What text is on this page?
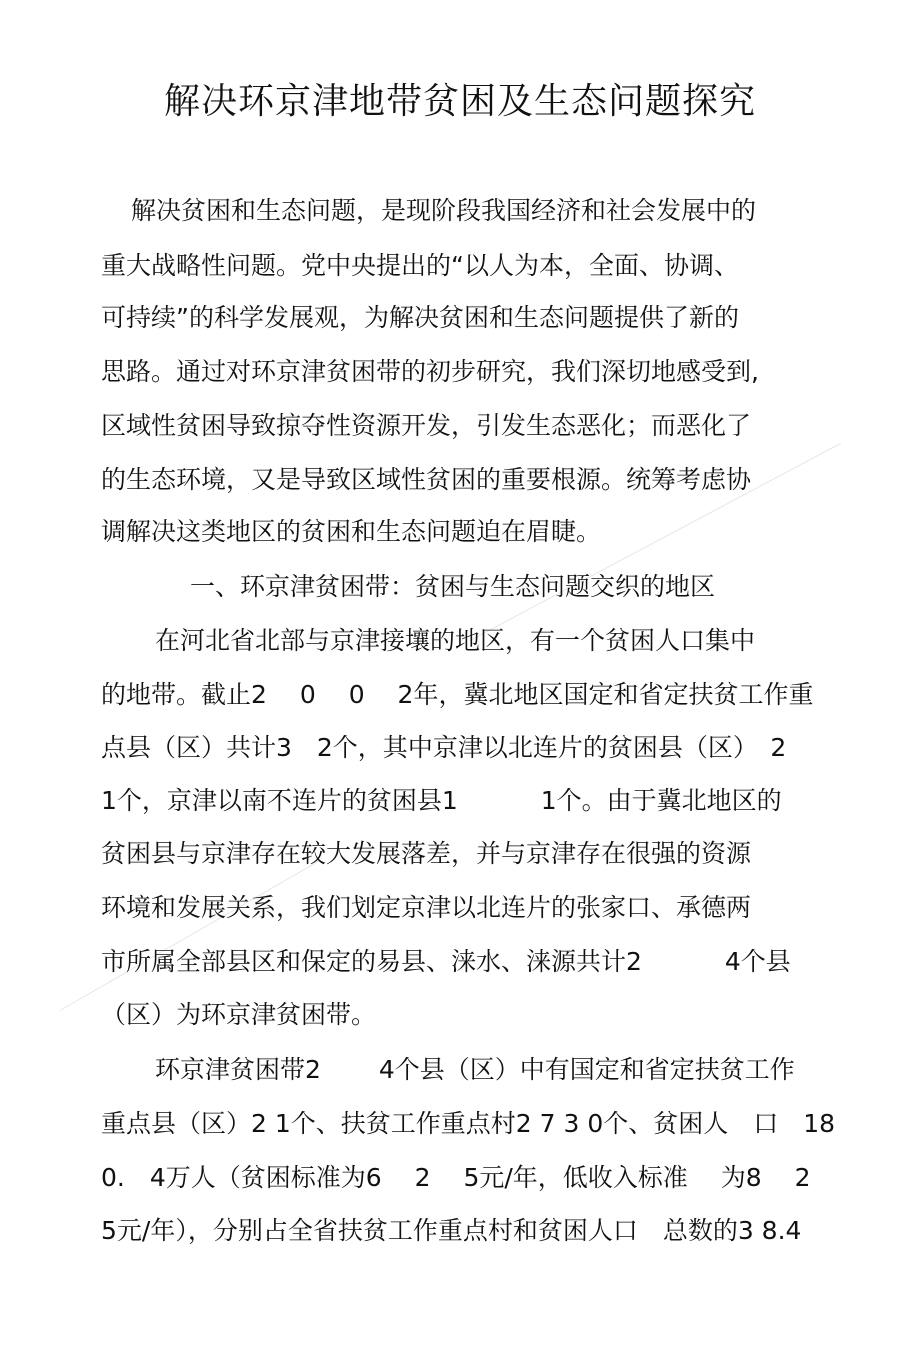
解决环京津地带贫困及生态问题探究
解决贫困和生态问题，是现阶段我国经济和社会发展中的
重大战略性问题。党中央提出的“以人为本，全面、协调、
可持续”的科学发展观，为解决贫困和生态问题提供了新的
思路。通过对环京津贫困带的初步研究，我们深切地感受到,
区域性贫困导致掠夺性资源开发，引发生态恶化；而恶化了
的生态环境，又是导致区域性贫困的重要根源。统筹考虑协
调解决这类地区的贫困和生态问题迫在眉睫。
一、环京津贫困带：贫困与生态问题交织的地区
在河北省北部与京津接壤的地区，有一个贫困人口集中
的地带。截止2　 0　 0　 2年，冀北地区国定和省定扶贫工作重
点县（区）共计3　2个，其中京津以北连片的贫困县（区）　2
1个，京津以南不连片的贫困县1　　　 1个。由于冀北地区的
贫困县与京津存在较大发展落差，并与京津存在很强的资源
环境和发展关系，我们划定京津以北连片的张家口、承德两
市所属全部县区和保定的易县、涞水、涞源共计2　　　 4个县
（区）为环京津贫困带。
环京津贫困带2　　 4个县（区）中有国定和省定扶贫工作
重点县（区）2 1个、扶贫工作重点村2 7 3 0个、贫困人　口　18
0.　4万人（贫困标准为6　 2　 5元/年，低收入标准　 为8　 2
5元/年），分别占全省扶贫工作重点村和贫困人口　总数的3 8.4
